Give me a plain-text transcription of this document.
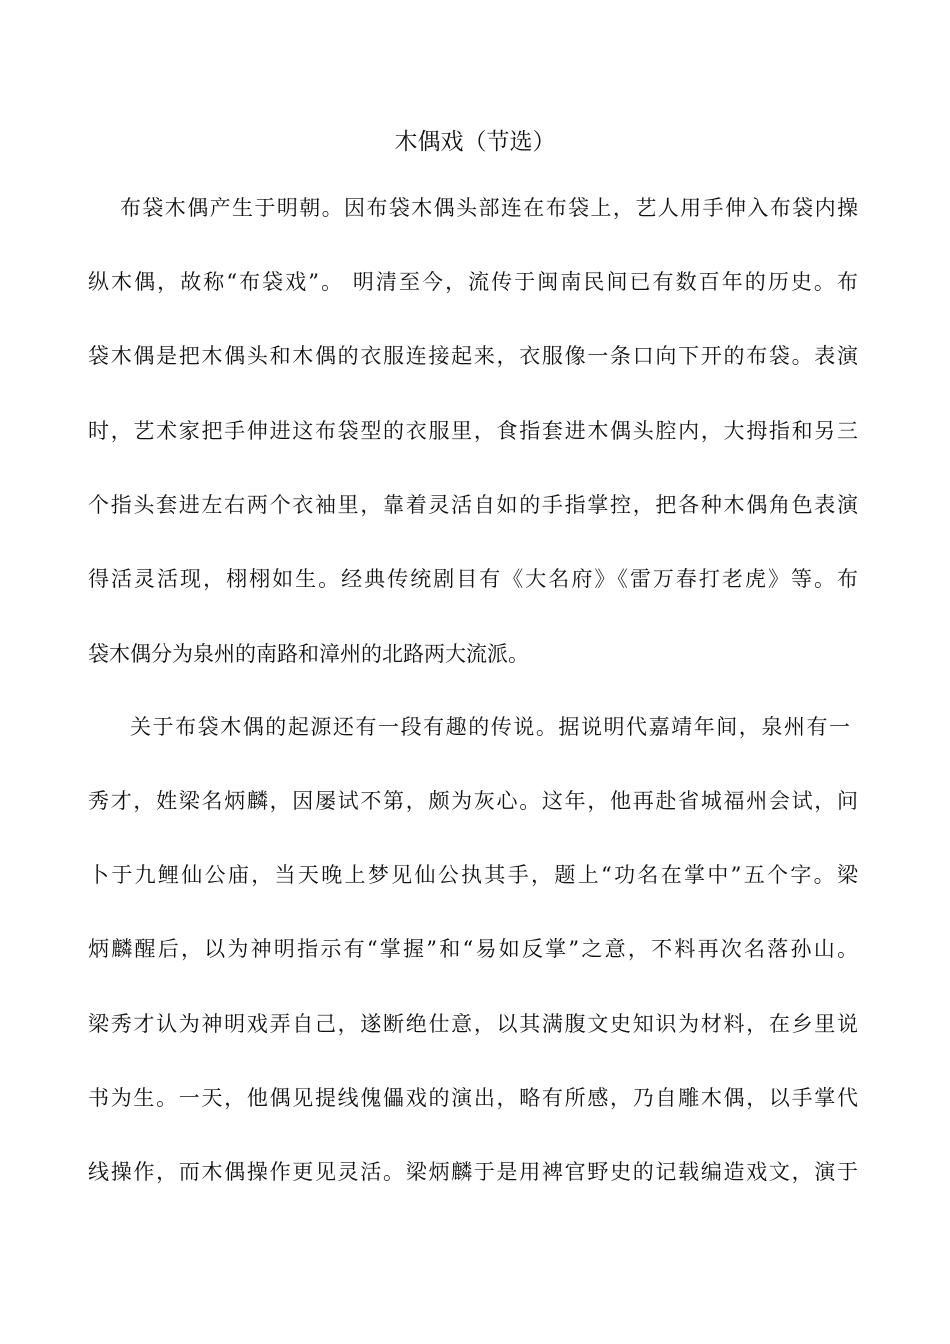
木偶戏（节选）
布袋木偶产生于明朝。因布袋木偶头部连在布袋上，艺人用手伸入布袋内操
纵木偶，故称“布袋戏”。 明清至今，流传于闽南民间已有数百年的历史。布
袋木偶是把木偶头和木偶的衣服连接起来，衣服像一条口向下开的布袋。表演
时，艺术家把手伸进这布袋型的衣服里，食指套进木偶头腔内，大拇指和另三
个指头套进左右两个衣袖里，靠着灵活自如的手指掌控，把各种木偶角色表演
得活灵活现，栩栩如生。经典传统剧目有《大名府》《雷万春打老虎》等。布
袋木偶分为泉州的南路和漳州的北路两大流派。
关于布袋木偶的起源还有一段有趣的传说。据说明代嘉靖年间，泉州有一
秀才，姓梁名炳麟，因屡试不第，颇为灰心。这年，他再赴省城福州会试，问
卜于九鲤仙公庙，当天晚上梦见仙公执其手，题上“功名在掌中”五个字。梁
炳麟醒后，以为神明指示有“掌握”和“易如反掌”之意，不料再次名落孙山。
梁秀才认为神明戏弄自己，遂断绝仕意，以其满腹文史知识为材料，在乡里说
书为生。一天，他偶见提线傀儡戏的演出，略有所感，乃自雕木偶，以手掌代
线操作，而木偶操作更见灵活。梁炳麟于是用裨官野史的记载编造戏文，演于
